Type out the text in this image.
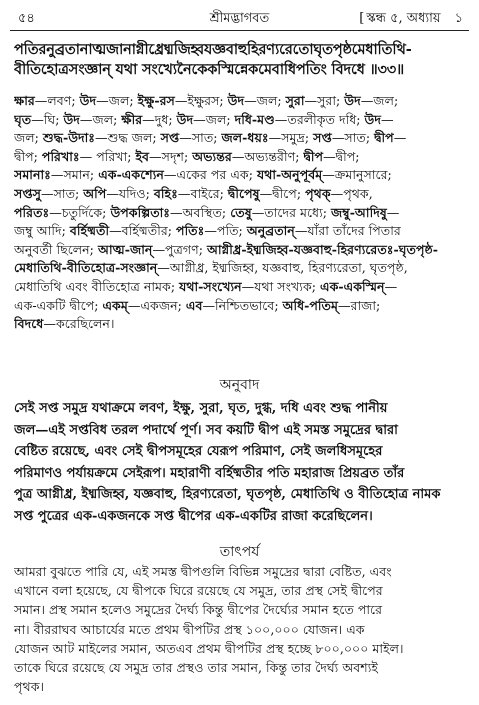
৫৪	শ্রীমদ্ভাগবত	[ স্কন্ধ ৫, অধ্যায় ১
পতিরনুব্রতানাত্মজানাগ্নীধ্রেধ্মজিহ্বযজ্ঞবাহুহিরণ্যরেতোঘৃতপৃষ্ঠমেধাতিথি-
বীতিহোত্রসংজ্ঞান্ যথা সংখ্যেনৈকেকস্মিন্নেকমেবাধিপতিং বিদধে ॥৩৩॥
ক্ষার—লবণ; উদ—জল; ইক্ষু-রস—ইক্ষুরস; উদ—জল; সুরা—সুরা; উদ—জল;
ঘৃত—ঘি; উদ—জল; ক্ষীর—দুধ; উদ—জল; দধি-মণ্ড—তরলীকৃত দধি; উদ—
জল; শুদ্ধ-উদাঃ—শুদ্ধ জল; সপ্ত—সাত; জল-ধয়ঃ—সমুদ্র; সপ্ত—সাত; দ্বীপ—
দ্বীপ; পরিখাঃ— পরিখা; ইব—সদৃশ; অভ্যন্তর—অভ্যন্তরীণ; দ্বীপ—দ্বীপ;
সমানাঃ—সমান; এক-একশ্যেন—একের পর এক; যথা-অনুপূর্বম্—ক্রমানুসারে;
সপ্তসু—সাত; অপি—যদিও; বহিঃ—বাইরে; দ্বীপেষু—দ্বীপে; পৃথক্—পৃথক,
পরিতঃ—চতুর্দিকে; উপকল্পিতাঃ—অবস্থিত; তেষু—তাদের মধ্যে; জম্বু-আদিষু—
জম্বু আদি; বর্হিষ্মতী—বর্হিষ্মতীর; পতিঃ—পতি; অনুব্রতান্—যাঁরা তাঁদের পিতার
অনুবর্তী ছিলেন; আত্ম-জান্—পুত্রগণ; আগ্নীধ্র-ইধ্মজিহ্ব-যজ্ঞবাহু-হিরণ্যরেতঃ-ঘৃতপৃষ্ঠ-
মেধাতিথি-বীতিহোত্র-সংজ্ঞান্—আগ্নীধ্র, ইধ্মজিহ্ব, যজ্ঞবাহু, হিরণ্যরেতা, ঘৃতপৃষ্ঠ,
মেধাতিথি এবং বীতিহোত্র নামক; যথা-সংখ্যেন—যথা সংখ্যক; এক-একস্মিন্—
এক-একটি দ্বীপে; একম্—একজন; এব—নিশ্চিতভাবে; অধি-পতিম্—রাজা;
বিদধে—করেছিলেন।
অনুবাদ
সেই সপ্ত সমুদ্র যথাক্রমে লবণ, ইক্ষু, সুরা, ঘৃত, দুগ্ধ, দধি এবং শুদ্ধ পানীয়
জল—এই সপ্তবিধ তরল পদার্থে পূর্ণ। সব কয়টি দ্বীপ এই সমস্ত সমুদ্রের দ্বারা
বেষ্টিত রয়েছে, এবং সেই দ্বীপসমূহের যেরূপ পরিমাণ, সেই জলধিসমূহের
পরিমাণও পর্যায়ক্রমে সেইরূপ। মহারাণী বর্হিষ্মতীর পতি মহারাজ প্রিয়ব্রত তাঁর
পুত্র আগ্নীধ্র, ইধ্মজিহ্ব, যজ্ঞবাহু, হিরণ্যরেতা, ঘৃতপৃষ্ঠ, মেধাতিথি ও বীতিহোত্র নামক
সপ্ত পুত্রের এক-একজনকে সপ্ত দ্বীপের এক-একটির রাজা করেছিলেন।
তাৎপর্য
আমরা বুঝতে পারি যে, এই সমস্ত দ্বীপগুলি বিভিন্ন সমুদ্রের দ্বারা বেষ্টিত, এবং
এখানে বলা হয়েছে, যে দ্বীপকে ঘিরে রয়েছে যে সমুদ্র, তার প্রস্থ সেই দ্বীপের
সমান। প্রস্থ সমান হলেও সমুদ্রের দৈর্ঘ্য কিন্তু দ্বীপের দৈর্ঘ্যের সমান হতে পারে
না। বীররাঘব আচার্যের মতে প্রথম দ্বীপটির প্রস্থ ১০০,০০০ যোজন। এক
যোজন আট মাইলের সমান, অতএব প্রথম দ্বীপটির প্রস্থ হচ্ছে ৮০০,০০০ মাইল।
তাকে ঘিরে রয়েছে যে সমুদ্র তার প্রস্থও তার সমান, কিন্তু তার দৈর্ঘ্য অবশ্যই
পৃথক।
